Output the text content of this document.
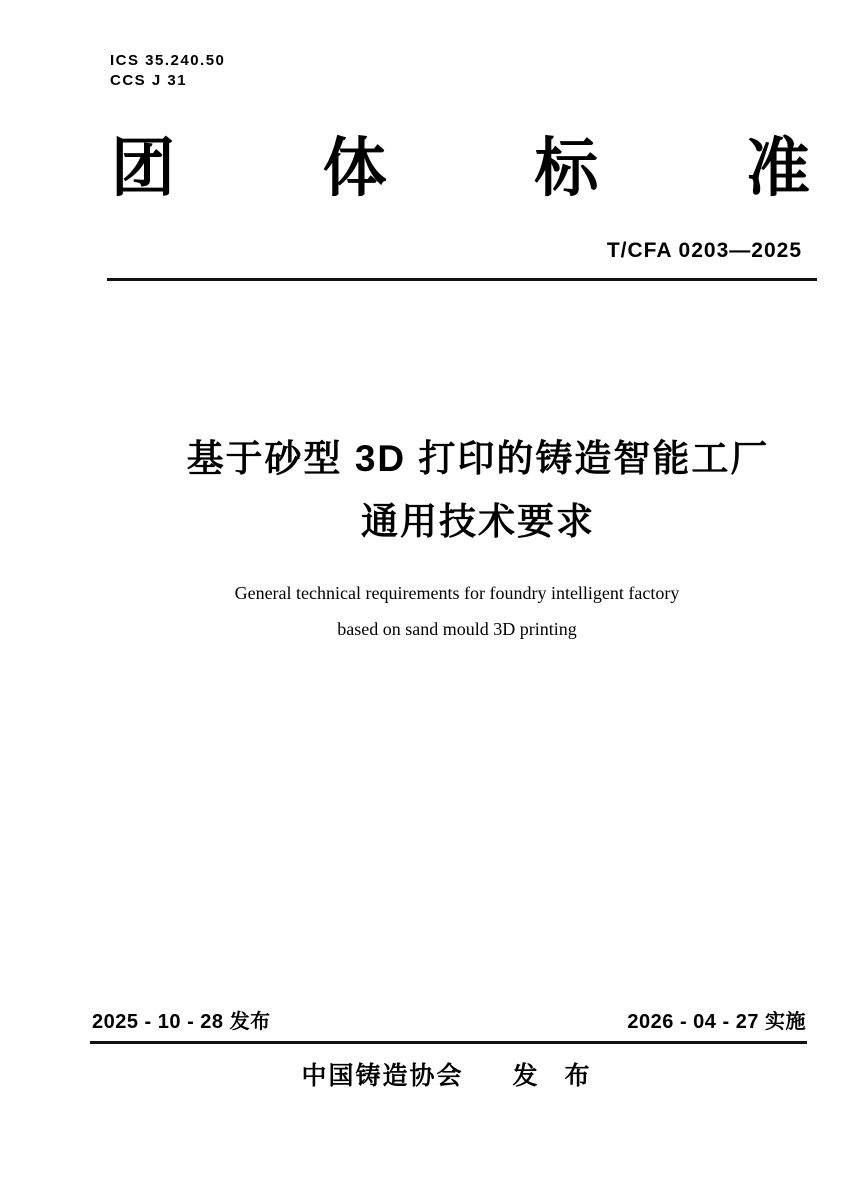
ICS 35.240.50
CCS J 31
团 体 标 准
T/CFA 0203—2025
基于砂型 3D 打印的铸造智能工厂
通用技术要求
General technical requirements for foundry intelligent factory
based on sand mould 3D printing
2025 - 10 - 28 发布	2026 - 04 - 27 实施
中国铸造协会 发 布
